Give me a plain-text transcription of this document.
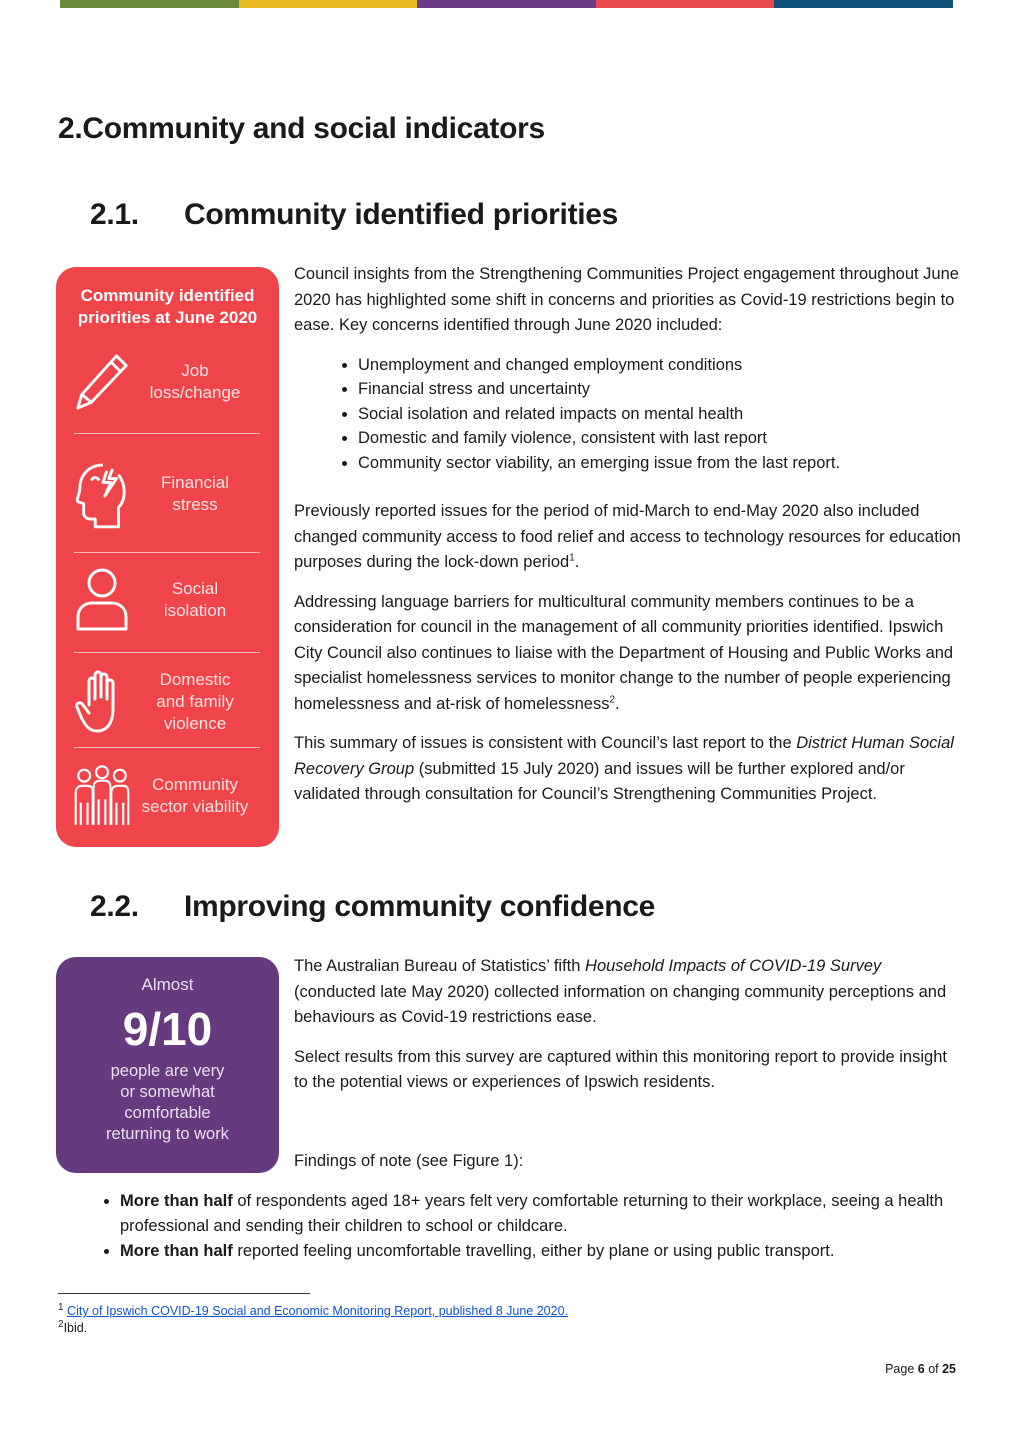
2.Community and social indicators
2.1. Community identified priorities
Community identified
priorities at June 2020
Job
loss/change
Financial
stress
Social
isolation
Domestic
and family
violence
Community
sector viability

Council insights from the Strengthening Communities Project engagement throughout June 2020 has highlighted some shift in concerns and priorities as Covid-19 restrictions begin to ease. Key concerns identified through June 2020 included:

• Unemployment and changed employment conditions
• Financial stress and uncertainty
• Social isolation and related impacts on mental health
• Domestic and family violence, consistent with last report
• Community sector viability, an emerging issue from the last report.

Previously reported issues for the period of mid-March to end-May 2020 also included changed community access to food relief and access to technology resources for education purposes during the lock-down period$^1$.

Addressing language barriers for multicultural community members continues to be a consideration for council in the management of all community priorities identified. Ipswich City Council also continues to liaise with the Department of Housing and Public Works and specialist homelessness services to monitor change to the number of people experiencing homelessness and at-risk of homelessness$^2$.

This summary of issues is consistent with Council’s last report to the District Human Social Recovery Group (submitted 15 July 2020) and issues will be further explored and/or validated through consultation for Council’s Strengthening Communities Project.

2.2. Improving community confidence
Almost
9/10
people are very
or somewhat
comfortable
returning to work

The Australian Bureau of Statistics’ fifth Household Impacts of COVID-19 Survey (conducted late May 2020) collected information on changing community perceptions and behaviours as Covid-19 restrictions ease.

Select results from this survey are captured within this monitoring report to provide insight to the potential views or experiences of Ipswich residents.

Findings of note (see Figure 1):

• More than half of respondents aged 18+ years felt very comfortable returning to their workplace, seeing a health professional and sending their children to school or childcare.
• More than half reported feeling uncomfortable travelling, either by plane or using public transport.
$^1$ City of Ipswich COVID-19 Social and Economic Monitoring Report, published 8 June 2020.
$^2$Ibid.
Page 6 of 25
